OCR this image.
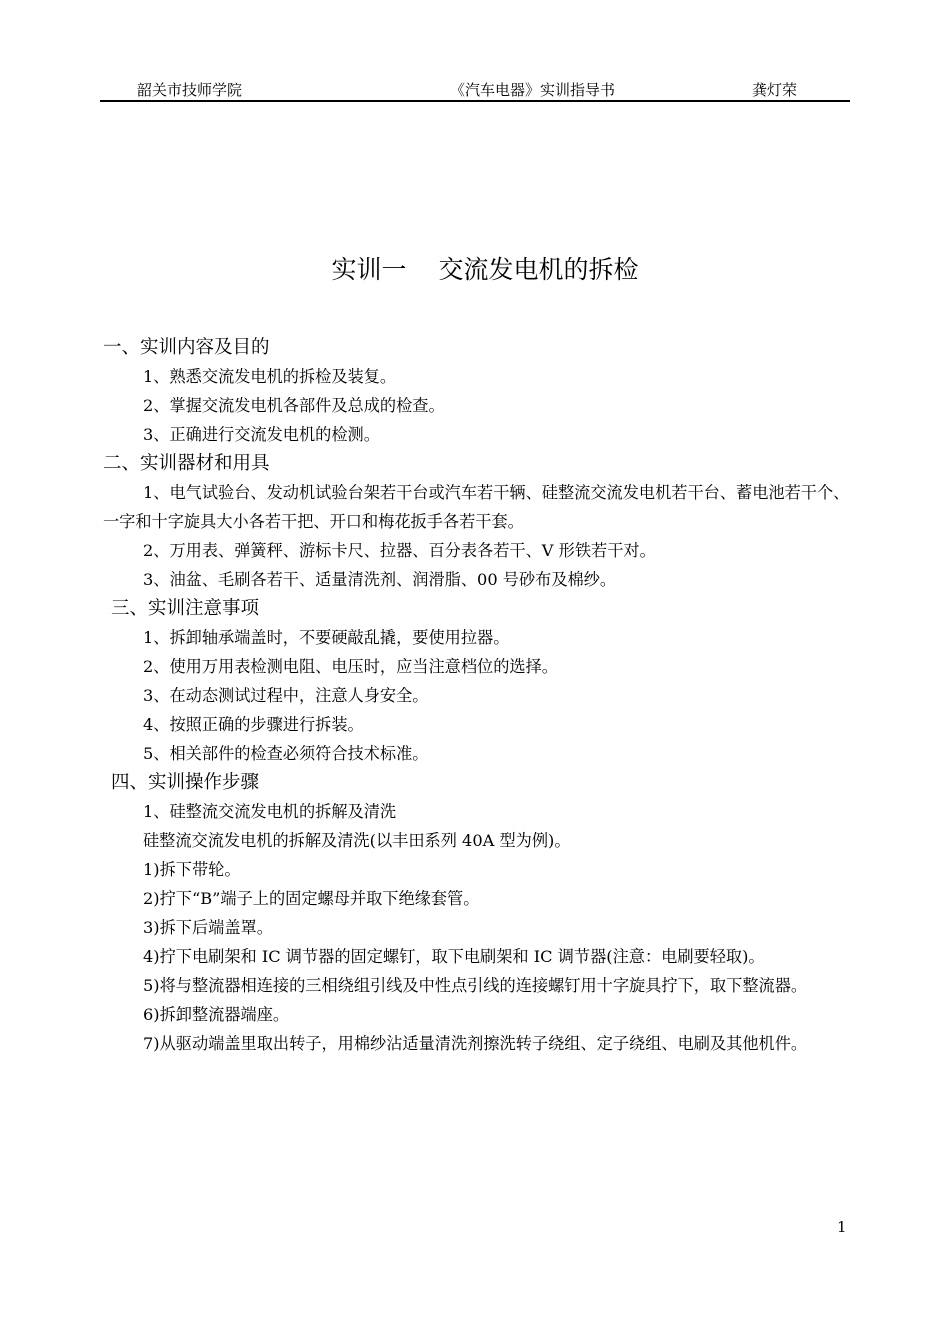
韶关市技师学院	《汽车电器》实训指导书	龚灯荣
实训一 交流发电机的拆检
一、实训内容及目的
1、熟悉交流发电机的拆检及装复。
2、掌握交流发电机各部件及总成的检查。
3、正确进行交流发电机的检测。
二、实训器材和用具
1、电气试验台、发动机试验台架若干台或汽车若干辆、硅整流交流发电机若干台、蓄电池若干个、一字和十字旋具大小各若干把、开口和梅花扳手各若干套。
2、万用表、弹簧秤、游标卡尺、拉器、百分表各若干、V 形铁若干对。
3、油盆、毛刷各若干、适量清洗剂、润滑脂、00 号砂布及棉纱。
三、实训注意事项
1、拆卸轴承端盖时，不要硬敲乱撬，要使用拉器。
2、使用万用表检测电阻、电压时，应当注意档位的选择。
3、在动态测试过程中，注意人身安全。
4、按照正确的步骤进行拆装。
5、相关部件的检查必须符合技术标准。
四、实训操作步骤
1、硅整流交流发电机的拆解及清洗
硅整流交流发电机的拆解及清洗(以丰田系列 40A 型为例)。
1)拆下带轮。
2)拧下“B”端子上的固定螺母并取下绝缘套管。
3)拆下后端盖罩。
4)拧下电刷架和 IC 调节器的固定螺钉，取下电刷架和 IC 调节器(注意：电刷要轻取)。
5)将与整流器相连接的三相绕组引线及中性点引线的连接螺钉用十字旋具拧下，取下整流器。
6)拆卸整流器端座。
7)从驱动端盖里取出转子，用棉纱沾适量清洗剂擦洗转子绕组、定子绕组、电刷及其他机件。
1
